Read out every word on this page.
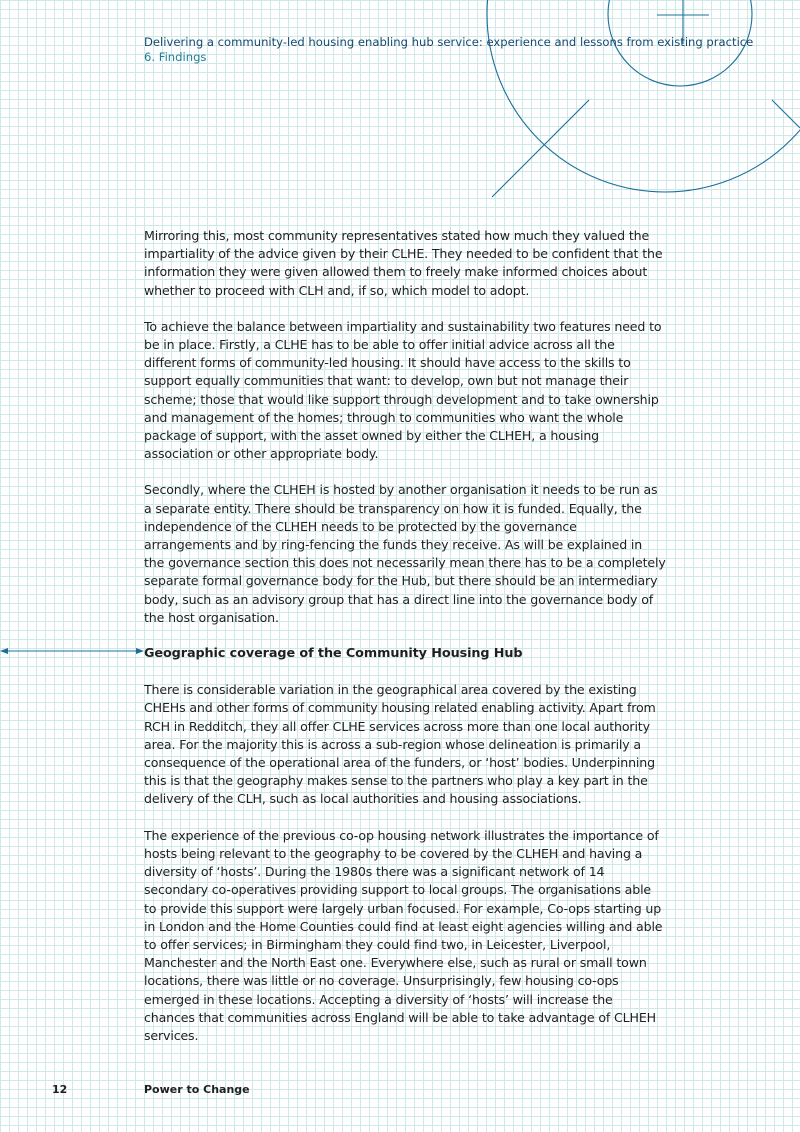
Delivering a community-led housing enabling hub service: experience and lessons from existing practice
6. Findings

Mirroring this, most community representatives stated how much they valued the impartiality of the advice given by their CLHE. They needed to be confident that the information they were given allowed them to freely make informed choices about whether to proceed with CLH and, if so, which model to adopt.

To achieve the balance between impartiality and sustainability two features need to be in place. Firstly, a CLHE has to be able to offer initial advice across all the different forms of community-led housing. It should have access to the skills to support equally communities that want: to develop, own but not manage their scheme; those that would like support through development and to take ownership and management of the homes; through to communities who want the whole package of support, with the asset owned by either the CLHEH, a housing association or other appropriate body.

Secondly, where the CLHEH is hosted by another organisation it needs to be run as a separate entity. There should be transparency on how it is funded. Equally, the independence of the CLHEH needs to be protected by the governance arrangements and by ring-fencing the funds they receive. As will be explained in the governance section this does not necessarily mean there has to be a completely separate formal governance body for the Hub, but there should be an intermediary body, such as an advisory group that has a direct line into the governance body of the host organisation.

Geographic coverage of the Community Housing Hub

There is considerable variation in the geographical area covered by the existing CHEHs and other forms of community housing related enabling activity. Apart from RCH in Redditch, they all offer CLHE services across more than one local authority area. For the majority this is across a sub-region whose delineation is primarily a consequence of the operational area of the funders, or ‘host’ bodies. Underpinning this is that the geography makes sense to the partners who play a key part in the delivery of the CLH, such as local authorities and housing associations.

The experience of the previous co-op housing network illustrates the importance of hosts being relevant to the geography to be covered by the CLHEH and having a diversity of ‘hosts’. During the 1980s there was a significant network of 14 secondary co-operatives providing support to local groups. The organisations able to provide this support were largely urban focused. For example, Co-ops starting up in London and the Home Counties could find at least eight agencies willing and able to offer services; in Birmingham they could find two, in Leicester, Liverpool, Manchester and the North East one. Everywhere else, such as rural or small town locations, there was little or no coverage. Unsurprisingly, few housing co-ops emerged in these locations. Accepting a diversity of ‘hosts’ will increase the chances that communities across England will be able to take advantage of CLHEH services.

12	Power to Change
